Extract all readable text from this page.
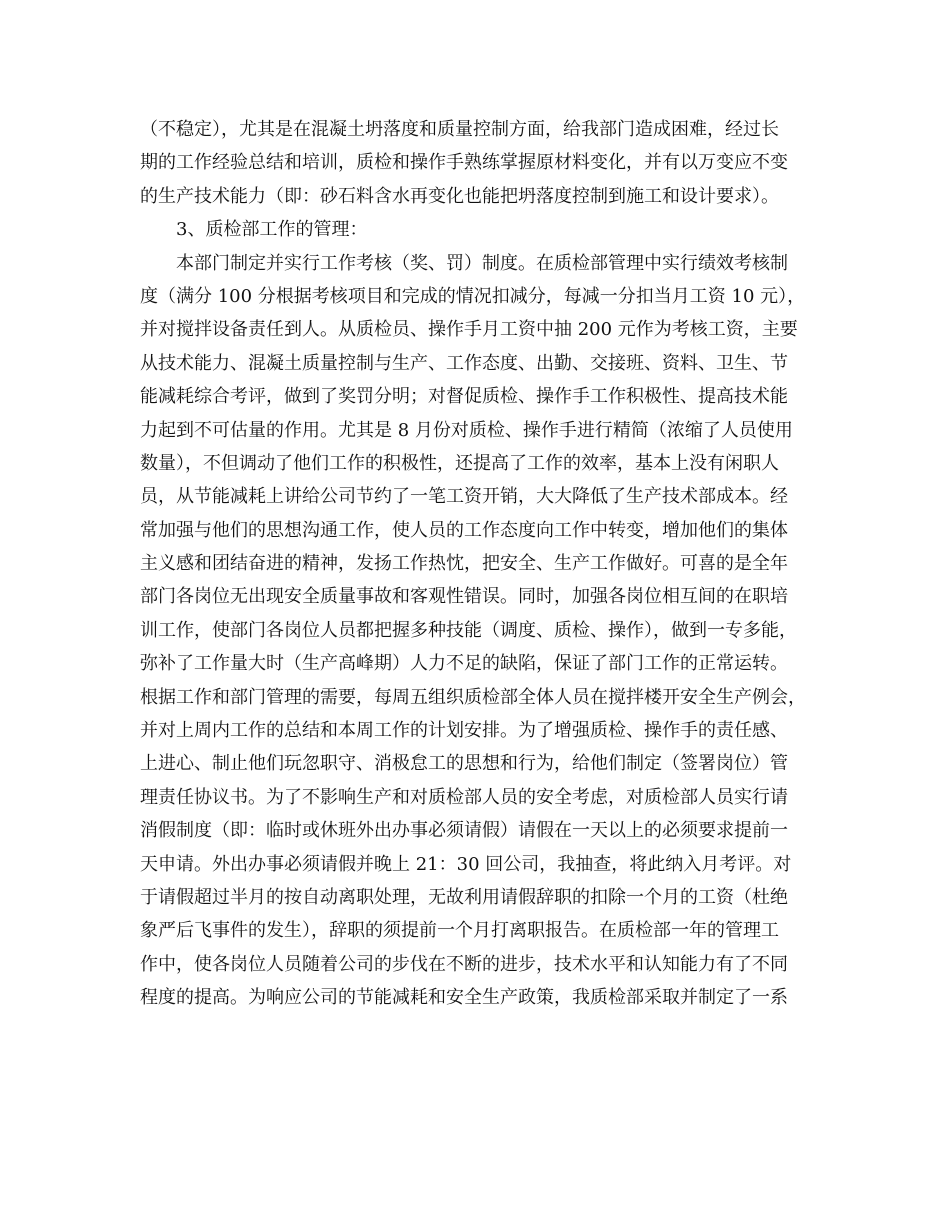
（不稳定），尤其是在混凝土坍落度和质量控制方面，给我部门造成困难，经过长
期的工作经验总结和培训，质检和操作手熟练掌握原材料变化，并有以万变应不变
的生产技术能力（即：砂石料含水再变化也能把坍落度控制到施工和设计要求）。
3、质检部工作的管理：
本部门制定并实行工作考核（奖、罚）制度。在质检部管理中实行绩效考核制
度（满分 100 分根据考核项目和完成的情况扣减分，每减一分扣当月工资 10 元），
并对搅拌设备责任到人。从质检员、操作手月工资中抽 200 元作为考核工资，主要
从技术能力、混凝土质量控制与生产、工作态度、出勤、交接班、资料、卫生、节
能减耗综合考评，做到了奖罚分明；对督促质检、操作手工作积极性、提高技术能
力起到不可估量的作用。尤其是 8 月份对质检、操作手进行精简（浓缩了人员使用
数量），不但调动了他们工作的积极性，还提高了工作的效率，基本上没有闲职人
员，从节能减耗上讲给公司节约了一笔工资开销，大大降低了生产技术部成本。经
常加强与他们的思想沟通工作，使人员的工作态度向工作中转变，增加他们的集体
主义感和团结奋进的精神，发扬工作热忱，把安全、生产工作做好。可喜的是全年
部门各岗位无出现安全质量事故和客观性错误。同时，加强各岗位相互间的在职培
训工作，使部门各岗位人员都把握多种技能（调度、质检、操作），做到一专多能，
弥补了工作量大时（生产高峰期）人力不足的缺陷，保证了部门工作的正常运转。
根据工作和部门管理的需要，每周五组织质检部全体人员在搅拌楼开安全生产例会，
并对上周内工作的总结和本周工作的计划安排。为了增强质检、操作手的责任感、
上进心、制止他们玩忽职守、消极怠工的思想和行为，给他们制定（签署岗位）管
理责任协议书。为了不影响生产和对质检部人员的安全考虑，对质检部人员实行请
消假制度（即：临时或休班外出办事必须请假）请假在一天以上的必须要求提前一
天申请。外出办事必须请假并晚上 21：30 回公司，我抽查，将此纳入月考评。对
于请假超过半月的按自动离职处理，无故利用请假辞职的扣除一个月的工资（杜绝
象严后飞事件的发生），辞职的须提前一个月打离职报告。在质检部一年的管理工
作中，使各岗位人员随着公司的步伐在不断的进步，技术水平和认知能力有了不同
程度的提高。为响应公司的节能减耗和安全生产政策，我质检部采取并制定了一系
